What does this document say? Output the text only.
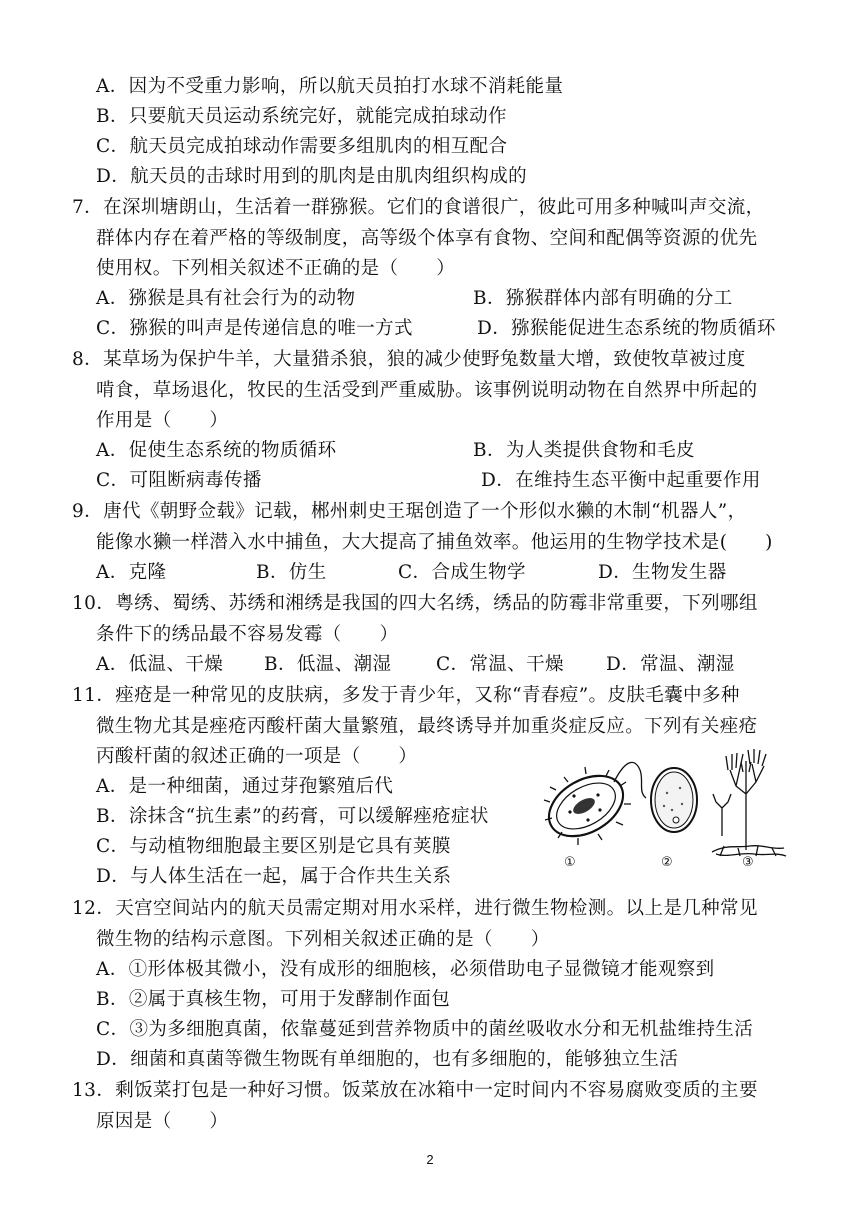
A．因为不受重力影响，所以航天员拍打水球不消耗能量
B．只要航天员运动系统完好，就能完成拍球动作
C．航天员完成拍球动作需要多组肌肉的相互配合
D．航天员的击球时用到的肌肉是由肌肉组织构成的
7．在深圳塘朗山，生活着一群猕猴。它们的食谱很广，彼此可用多种喊叫声交流，
群体内存在着严格的等级制度，高等级个体享有食物、空间和配偶等资源的优先
使用权。下列相关叙述不正确的是（　　）
A．猕猴是具有社会行为的动物	B．猕猴群体内部有明确的分工
C．猕猴的叫声是传递信息的唯一方式	D．猕猴能促进生态系统的物质循环
8．某草场为保护牛羊，大量猎杀狼，狼的减少使野兔数量大增，致使牧草被过度
啃食，草场退化，牧民的生活受到严重威胁。该事例说明动物在自然界中所起的
作用是（　　）
A．促使生态系统的物质循环	B．为人类提供食物和毛皮
C．可阻断病毒传播	D．在维持生态平衡中起重要作用
9．唐代《朝野佥载》记载，郴州刺史王琚创造了一个形似水獭的木制“机器人”，
能像水獭一样潜入水中捕鱼，大大提高了捕鱼效率。他运用的生物学技术是(　　)
A．克隆	B．仿生	C．合成生物学	D．生物发生器
10．粤绣、蜀绣、苏绣和湘绣是我国的四大名绣，绣品的防霉非常重要，下列哪组
条件下的绣品最不容易发霉（　　）
A．低温、干燥 B．低温、潮湿 C．常温、干燥 D．常温、潮湿
11．痤疮是一种常见的皮肤病，多发于青少年，又称“青春痘”。皮肤毛囊中多种
微生物尤其是痤疮丙酸杆菌大量繁殖，最终诱导并加重炎症反应。下列有关痤疮
丙酸杆菌的叙述正确的一项是（　　）
A．是一种细菌，通过芽孢繁殖后代
B．涂抹含“抗生素”的药膏，可以缓解痤疮症状
C．与动植物细胞最主要区别是它具有荚膜
D．与人体生活在一起，属于合作共生关系
①	②	③
12．天宫空间站内的航天员需定期对用水采样，进行微生物检测。以上是几种常见
微生物的结构示意图。下列相关叙述正确的是（　　）
A．①形体极其微小，没有成形的细胞核，必须借助电子显微镜才能观察到
B．②属于真核生物，可用于发酵制作面包
C．③为多细胞真菌，依靠蔓延到营养物质中的菌丝吸收水分和无机盐维持生活
D．细菌和真菌等微生物既有单细胞的，也有多细胞的，能够独立生活
13．剩饭菜打包是一种好习惯。饭菜放在冰箱中一定时间内不容易腐败变质的主要
原因是（　　）
2
